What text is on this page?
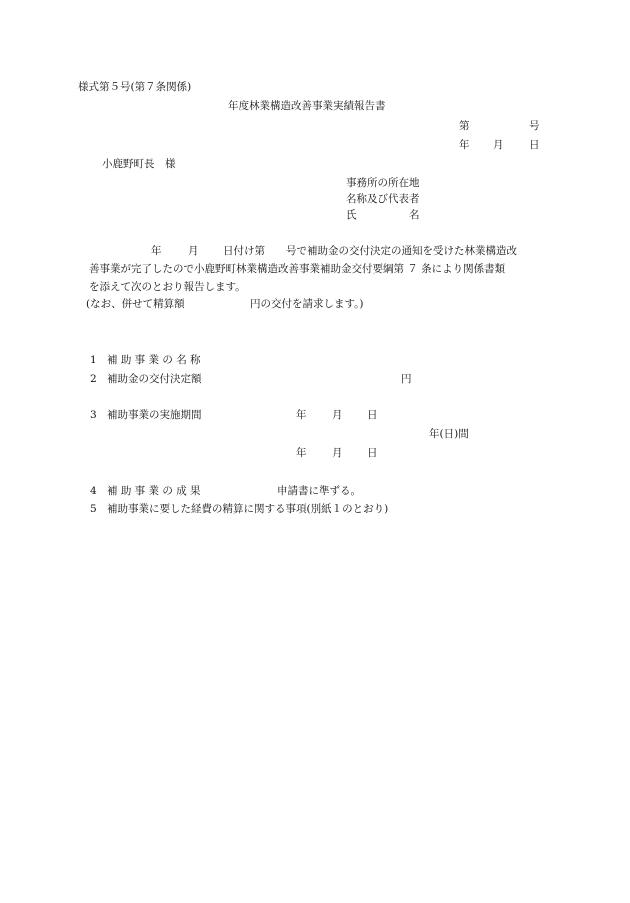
様式第５号(第７条関係)
年度林業構造改善事業実績報告書
第	号
年 月 日
小鹿野町長　様
事務所の所在地
名称及び代表者
氏　　　　　名
年	月 日付け第　　号で補助金の交付決定の通知を受けた林業構造改
善事業が完了したので小鹿野町林業構造改善事業補助金交付要綱第 ７ 条により関係書類
を添えて次のとおり報告します。
(なお、併せて精算額	円の交付を請求します。)
1 補 助 事 業 の 名 称
2 補助金の交付決定額	円
3 補助事業の実施期間	年 月 日
年(日)間
年 月 日
4 補 助 事 業 の 成 果	申請書に準ずる。
5 補助事業に要した経費の精算に関する事項(別紙１のとおり)
